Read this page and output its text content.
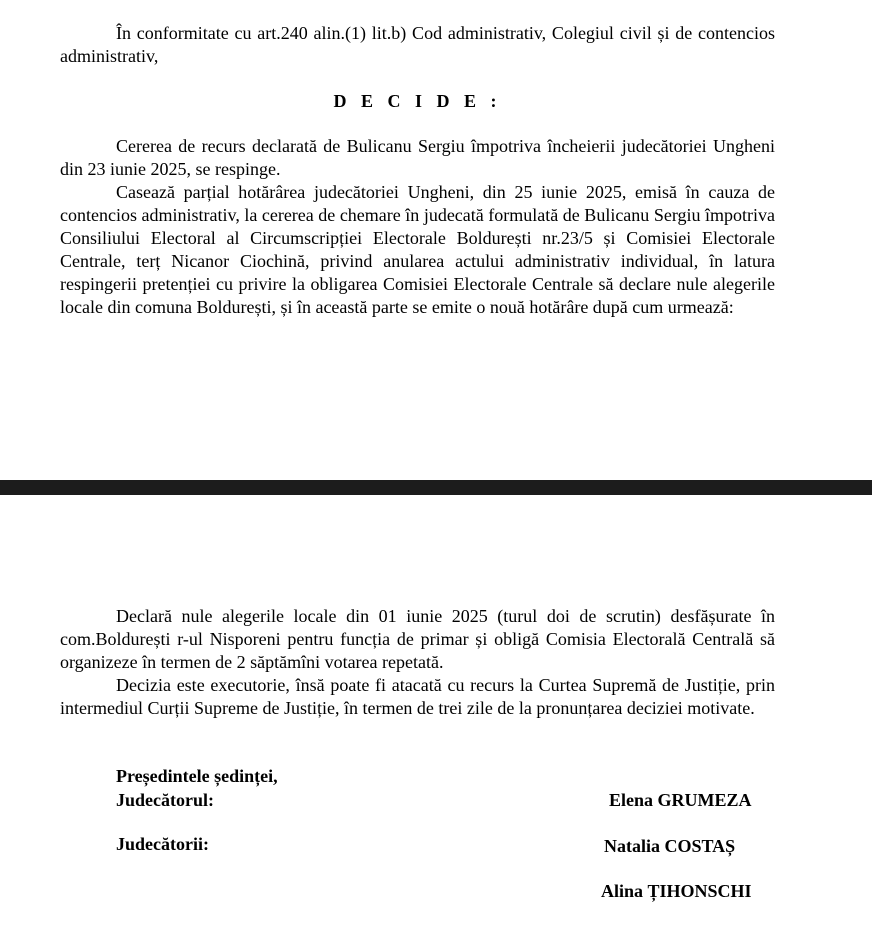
În conformitate cu art.240 alin.(1) lit.b) Cod administrativ, Colegiul civil și de contencios administrativ,

D E C I D E :

Cererea de recurs declarată de Bulicanu Sergiu împotriva încheierii judecătoriei Ungheni din 23 iunie 2025, se respinge.

Casează parțial hotărârea judecătoriei Ungheni, din 25 iunie 2025, emisă în cauza de contencios administrativ, la cererea de chemare în judecată formulată de Bulicanu Sergiu împotriva Consiliului Electoral al Circumscripției Electorale Boldurești nr.23/5 și Comisiei Electorale Centrale, terț Nicanor Ciochină, privind anularea actului administrativ individual, în latura respingerii pretenției cu privire la obligarea Comisiei Electorale Centrale să declare nule alegerile locale din comuna Boldurești, și în această parte se emite o nouă hotărâre după cum urmează:

Declară nule alegerile locale din 01 iunie 2025 (turul doi de scrutin) desfășurate în com.Boldurești r-ul Nisporeni pentru funcția de primar și obligă Comisia Electorală Centrală să organizeze în termen de 2 săptămîni votarea repetată.

Decizia este executorie, însă poate fi atacată cu recurs la Curtea Supremă de Justiție, prin intermediul Curții Supreme de Justiție, în termen de trei zile de la pronunțarea deciziei motivate.

Președintele ședinței,
Judecătorul:	Elena GRUMEZA
Judecătorii:	Natalia COSTAȘ
Alina ȚIHONSCHI
